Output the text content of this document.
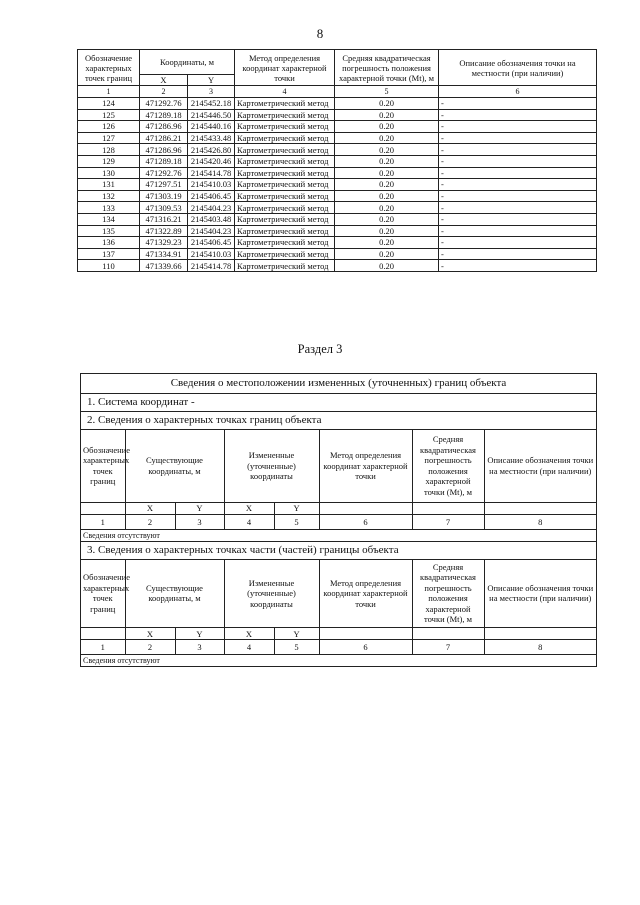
8
Обозначение характерных точек границ	Координаты, м		Метод определения координат характерной точки	Средняя квадратическая погрешность положения характерной точки (Mt), м	Описание обозначения точки на местности (при наличии)
	X	Y			
1	2	3	4	5	6
124	471292.76	2145452.18	Картометрический метод	0.20	-
125	471289.18	2145446.50	Картометрический метод	0.20	-
126	471286.96	2145440.16	Картометрический метод	0.20	-
127	471286.21	2145433.48	Картометрический метод	0.20	-
128	471286.96	2145426.80	Картометрический метод	0.20	-
129	471289.18	2145420.46	Картометрический метод	0.20	-
130	471292.76	2145414.78	Картометрический метод	0.20	-
131	471297.51	2145410.03	Картометрический метод	0.20	-
132	471303.19	2145406.45	Картометрический метод	0.20	-
133	471309.53	2145404.23	Картометрический метод	0.20	-
134	471316.21	2145403.48	Картометрический метод	0.20	-
135	471322.89	2145404.23	Картометрический метод	0.20	-
136	471329.23	2145406.45	Картометрический метод	0.20	-
137	471334.91	2145410.03	Картометрический метод	0.20	-
110	471339.66	2145414.78	Картометрический метод	0.20	-
Раздел 3
Сведения о местоположении измененных (уточненных) границ объекта
1. Система координат -
2. Сведения о характерных точках границ объекта
Обозначение характерных точек границ	Существующие координаты, м		Измененные (уточненные) координаты		Метод определения координат характерной точки	Средняя квадратическая погрешность положения характерной точки (Mt), м	Описание обозначения точки на местности (при наличии)
	X	Y	X	Y			
1	2	3	4	5	6	7	8
Сведения отсутствуют
3. Сведения о характерных точках части (частей) границы объекта
Обозначение характерных точек границ	Существующие координаты, м		Измененные (уточненные) координаты		Метод определения координат характерной точки	Средняя квадратическая погрешность положения характерной точки (Mt), м	Описание обозначения точки на местности (при наличии)
	X	Y	X	Y			
1	2	3	4	5	6	7	8
Сведения отсутствуют
